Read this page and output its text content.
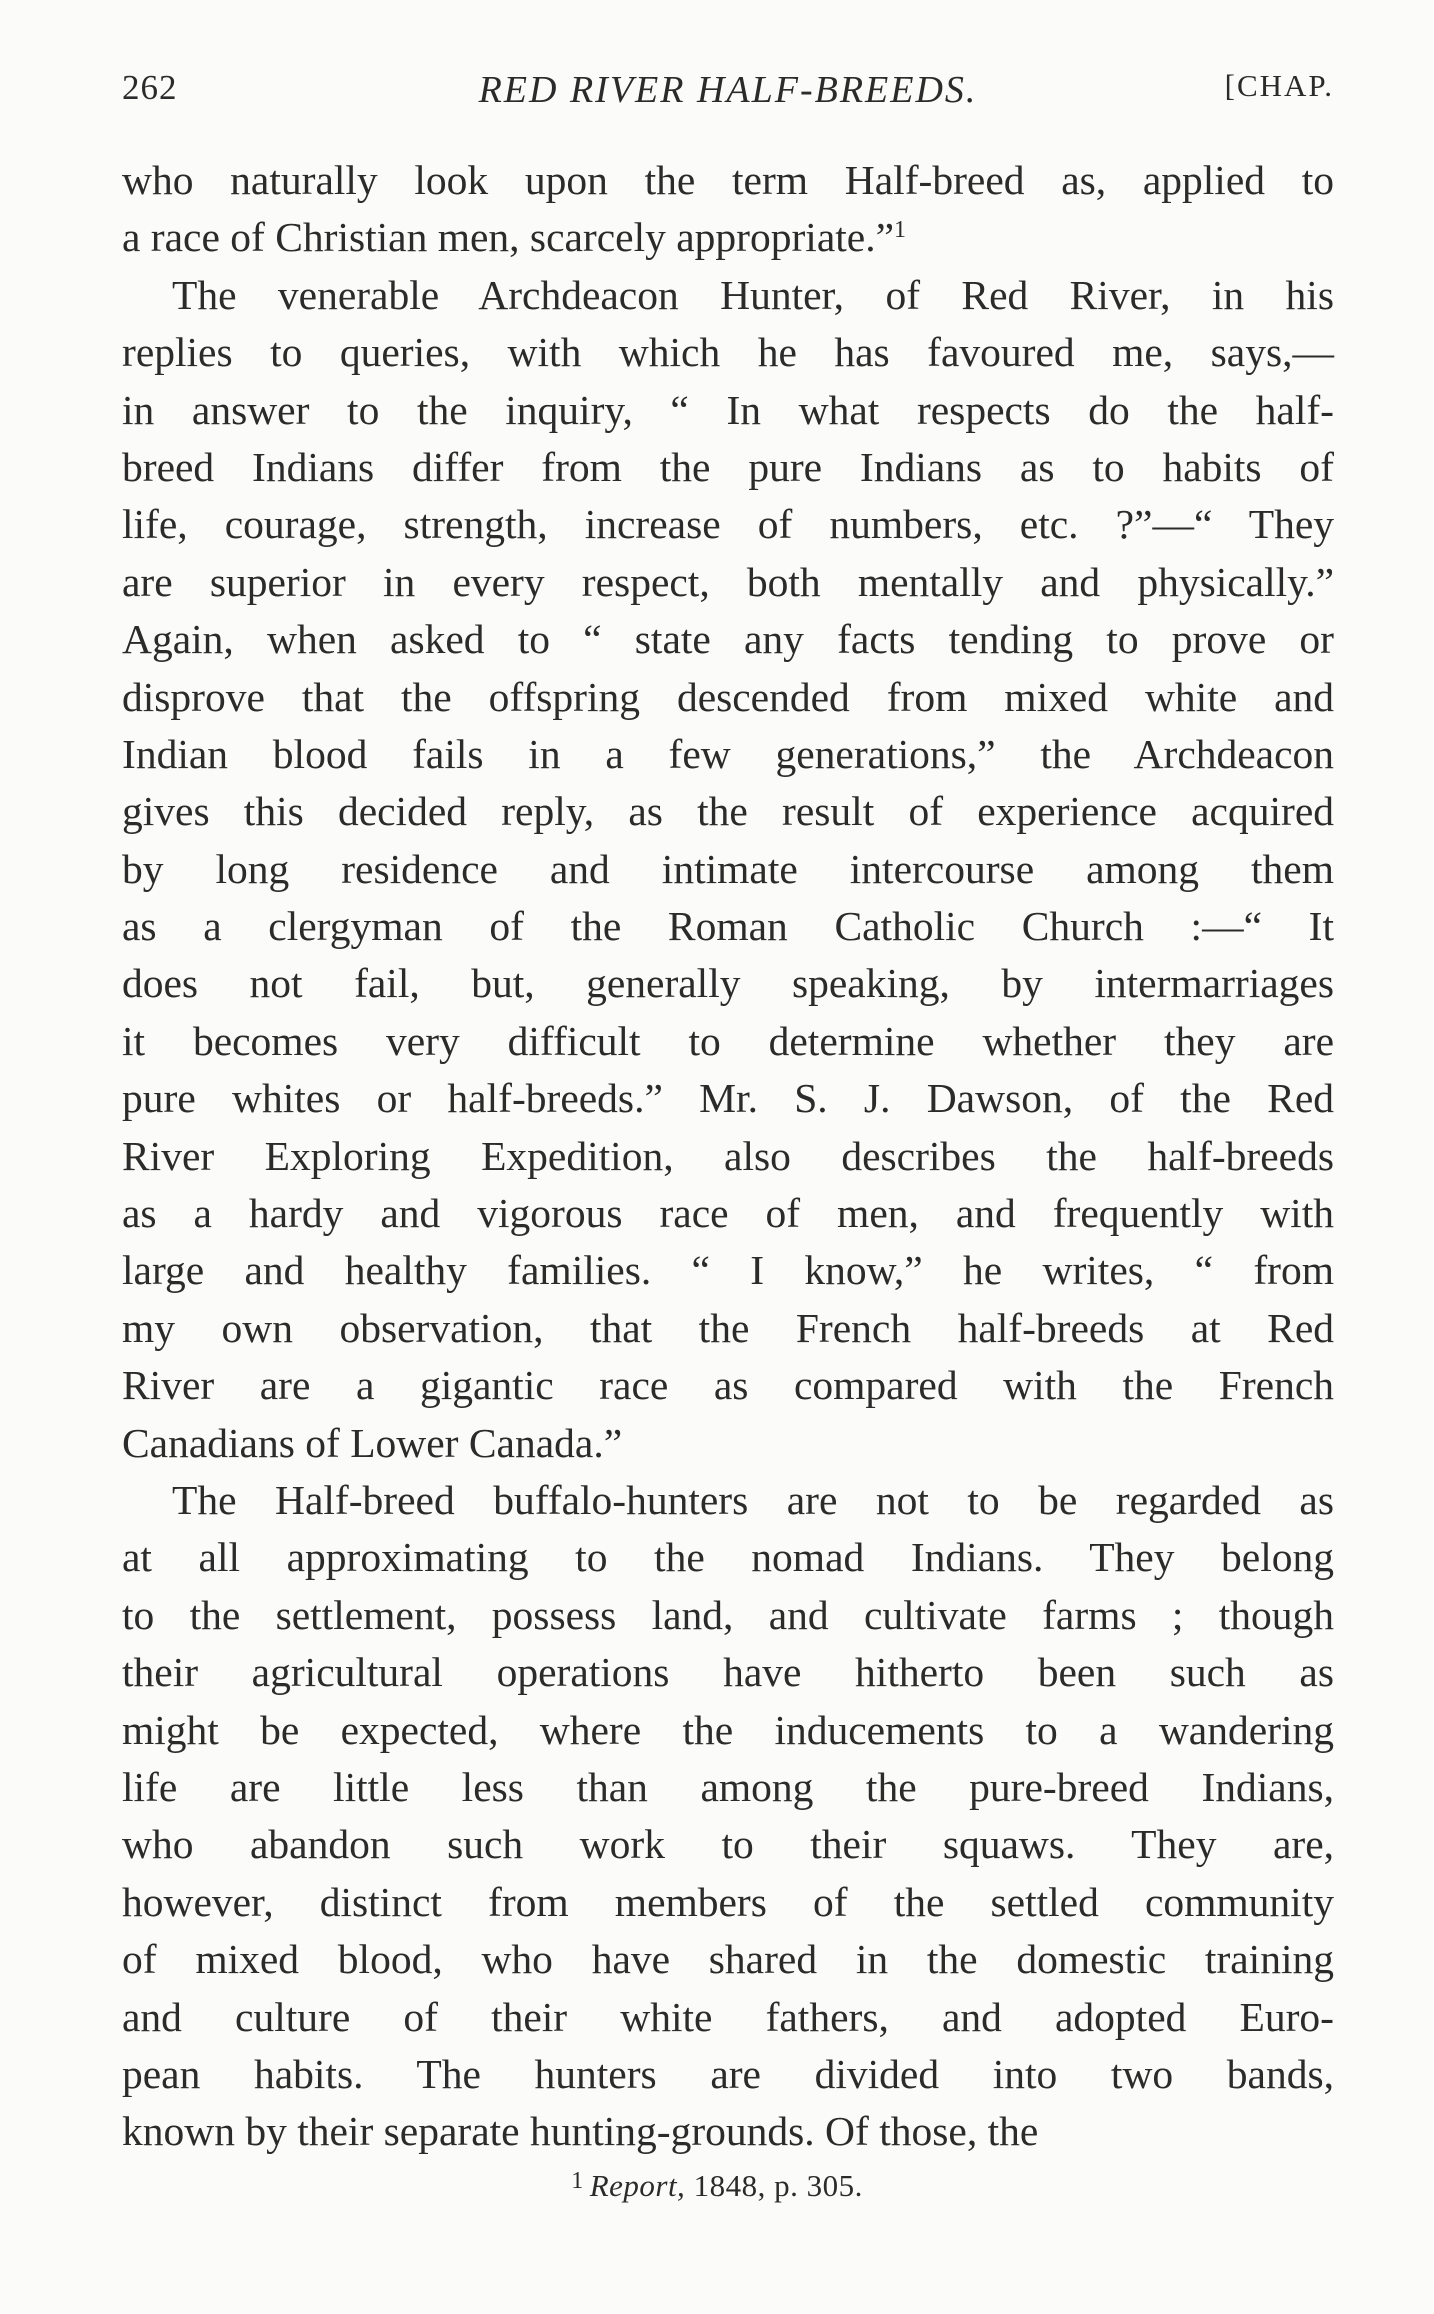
262	RED RIVER HALF-BREEDS.	[CHAP.
who naturally look upon the term Half-breed as, applied to
a race of Christian men, scarcely appropriate.”$^1$
The venerable Archdeacon Hunter, of Red River, in his
replies to queries, with which he has favoured me, says,—
in answer to the inquiry, “ In what respects do the half-
breed Indians differ from the pure Indians as to habits of
life, courage, strength, increase of numbers, etc. ?”—“ They
are superior in every respect, both mentally and physically.”
Again, when asked to “ state any facts tending to prove or
disprove that the offspring descended from mixed white and
Indian blood fails in a few generations,” the Archdeacon
gives this decided reply, as the result of experience acquired
by long residence and intimate intercourse among them
as a clergyman of the Roman Catholic Church :—“ It
does not fail, but, generally speaking, by intermarriages
it becomes very difficult to determine whether they are
pure whites or half-breeds.” Mr. S. J. Dawson, of the Red
River Exploring Expedition, also describes the half-breeds
as a hardy and vigorous race of men, and frequently with
large and healthy families. “ I know,” he writes, “ from
my own observation, that the French half-breeds at Red
River are a gigantic race as compared with the French
Canadians of Lower Canada.”
The Half-breed buffalo-hunters are not to be regarded as
at all approximating to the nomad Indians. They belong
to the settlement, possess land, and cultivate farms ; though
their agricultural operations have hitherto been such as
might be expected, where the inducements to a wandering
life are little less than among the pure-breed Indians,
who abandon such work to their squaws. They are,
however, distinct from members of the settled community
of mixed blood, who have shared in the domestic training
and culture of their white fathers, and adopted Euro-
pean habits. The hunters are divided into two bands,
known by their separate hunting-grounds. Of those, the
$^1$ Report, 1848, p. 305.
